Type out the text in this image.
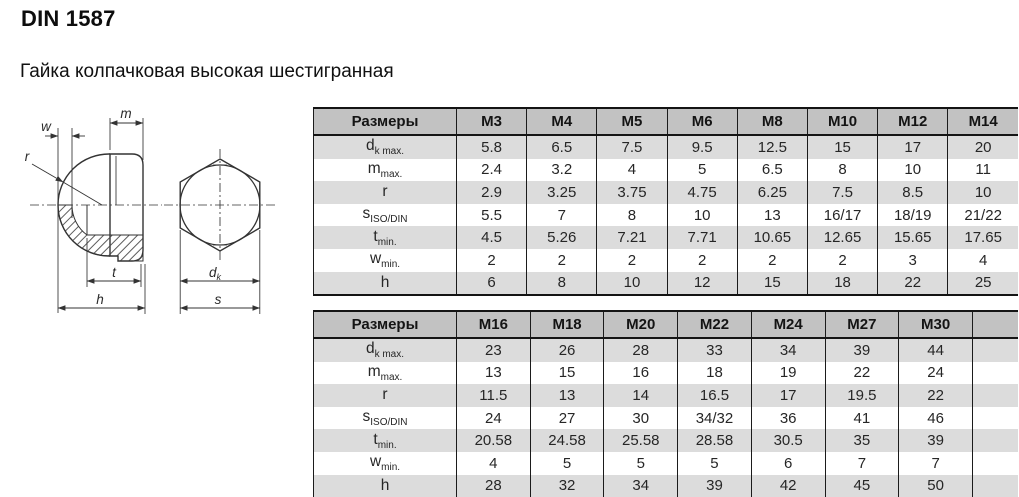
DIN 1587
Гайка колпачковая высокая шестигранная
w
m
r
t
h
$d_k$
s
Размеры	M3	M4	M5	M6	M8	M10	M12	M14
$d_{k max.}$	5.8	6.5	7.5	9.5	12.5	15	17	20
$m_{max.}$	2.4	3.2	4	5	6.5	8	10	11
r	2.9	3.25	3.75	4.75	6.25	7.5	8.5	10
$s_{ISO/DIN}$	5.5	7	8	10	13	16/17	18/19	21/22
$t_{min.}$	4.5	5.26	7.21	7.71	10.65	12.65	15.65	17.65
$w_{min.}$	2	2	2	2	2	2	3	4
h	6	8	10	12	15	18	22	25
Размеры	M16	M18	M20	M22	M24	M27	M30	
$d_{k max.}$	23	26	28	33	34	39	44	
$m_{max.}$	13	15	16	18	19	22	24	
r	11.5	13	14	16.5	17	19.5	22	
$s_{ISO/DIN}$	24	27	30	34/32	36	41	46	
$t_{min.}$	20.58	24.58	25.58	28.58	30.5	35	39	
$w_{min.}$	4	5	5	5	6	7	7	
h	28	32	34	39	42	45	50	
